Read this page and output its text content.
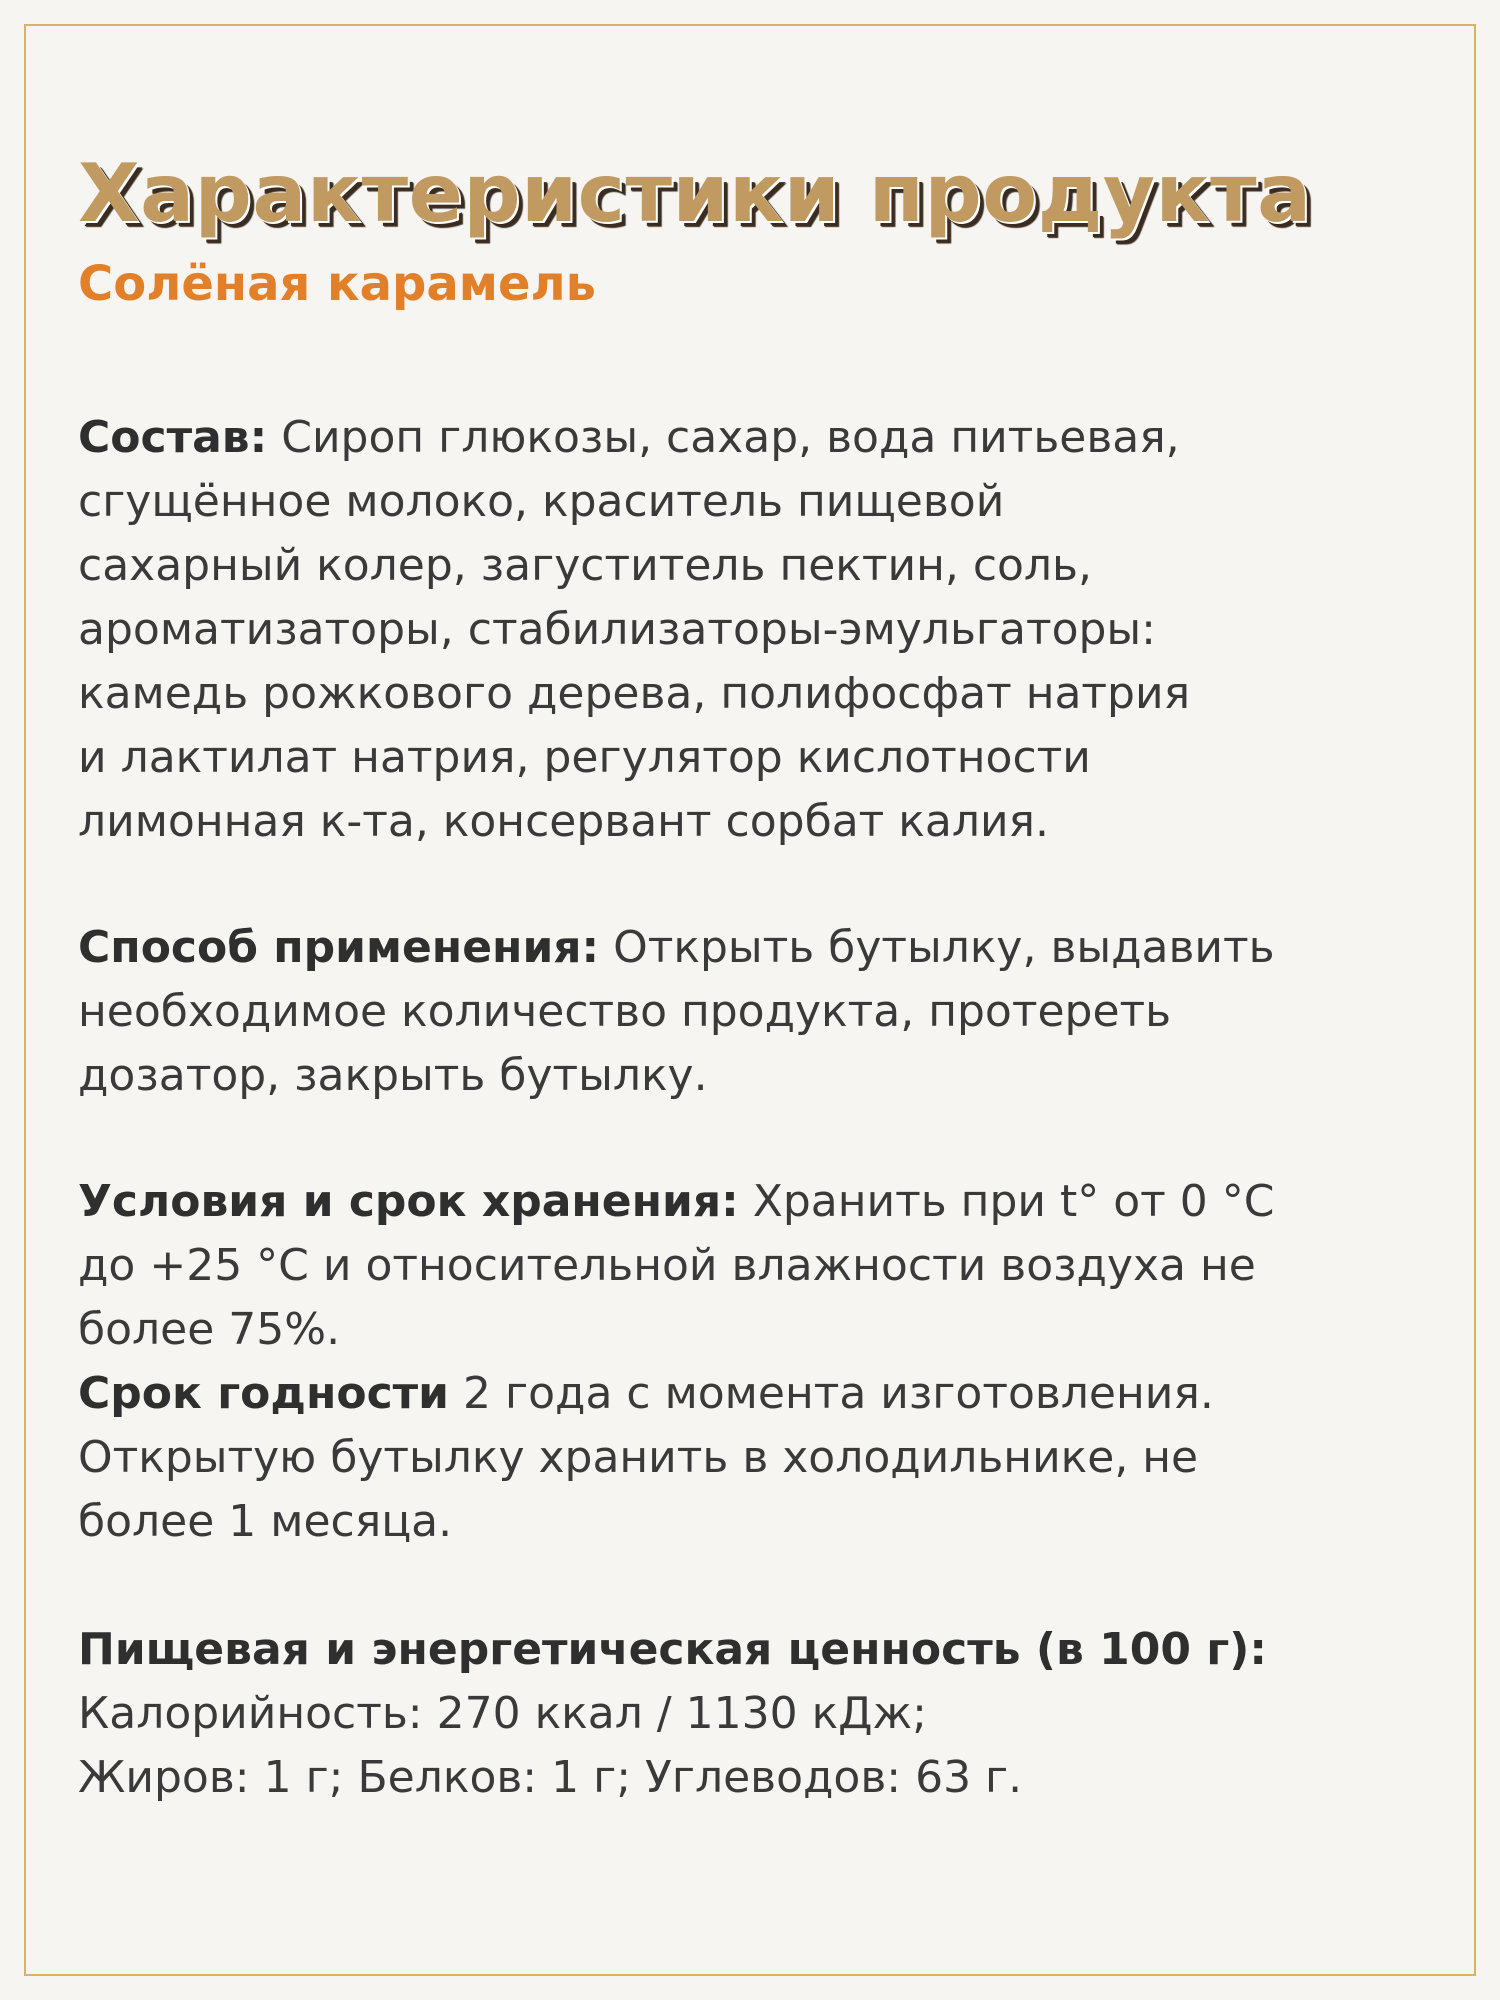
Характеристики продукта
Солёная карамель

Состав: Сироп глюкозы, сахар, вода питьевая,
сгущённое молоко, краситель пищевой
сахарный колер, загуститель пектин, соль,
ароматизаторы, стабилизаторы-эмульгаторы:
камедь рожкового дерева, полифосфат натрия
и лактилат натрия, регулятор кислотности
лимонная к-та, консервант сорбат калия.

Способ применения: Открыть бутылку, выдавить
необходимое количество продукта, протереть
дозатор, закрыть бутылку.

Условия и срок хранения: Хранить при t° от 0 °С
до +25 °С и относительной влажности воздуха не
более 75%.

Срок годности 2 года с момента изготовления.
Открытую бутылку хранить в холодильнике, не
более 1 месяца.

Пищевая и энергетическая ценность (в 100 г):
Калорийность: 270 ккал / 1130 кДж;
Жиров: 1 г; Белков: 1 г; Углеводов: 63 г.
